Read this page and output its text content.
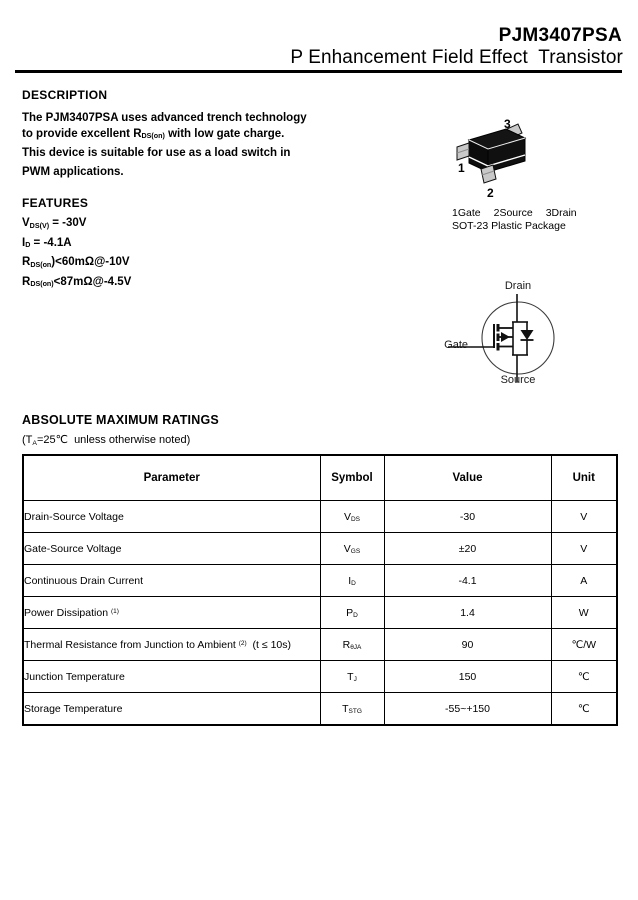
PJM3407PSA
P Enhancement Field Effect  Transistor
DESCRIPTION
The PJM3407PSA uses advanced trench technology
to provide excellent $R_{DS(on)}$ with low gate charge.
This device is suitable for use as a load switch in
PWM applications.
FEATURES
$V_{DS(V)} = -30V$
$I_D = -4.1A$
$R_{DS(on})<60m\Omega@-10V$
$R_{DS(on)}<87m\Omega@-4.5V$
1
2
3
1Gate 2Source 3Drain
SOT-23 Plastic Package
Drain
Gate
Source
ABSOLUTE MAXIMUM RATINGS
($T_A=25℃$  unless otherwise noted)
Parameter	Symbol	Value	Unit
Drain-Source Voltage	$V_{DS}$	-30	V
Gate-Source Voltage	$V_{GS}$	±20	V
Continuous Drain Current	$I_D$	-4.1	A
Power Dissipation $^{(1)}$	$P_D$	1.4	W
Thermal Resistance from Junction to Ambient $^{(2)}$  (t ≤ 10s)	$R_{\theta JA}$	90	℃/W
Junction Temperature	$T_J$	150	℃
Storage Temperature	$T_{STG}$	-55~+150	℃
